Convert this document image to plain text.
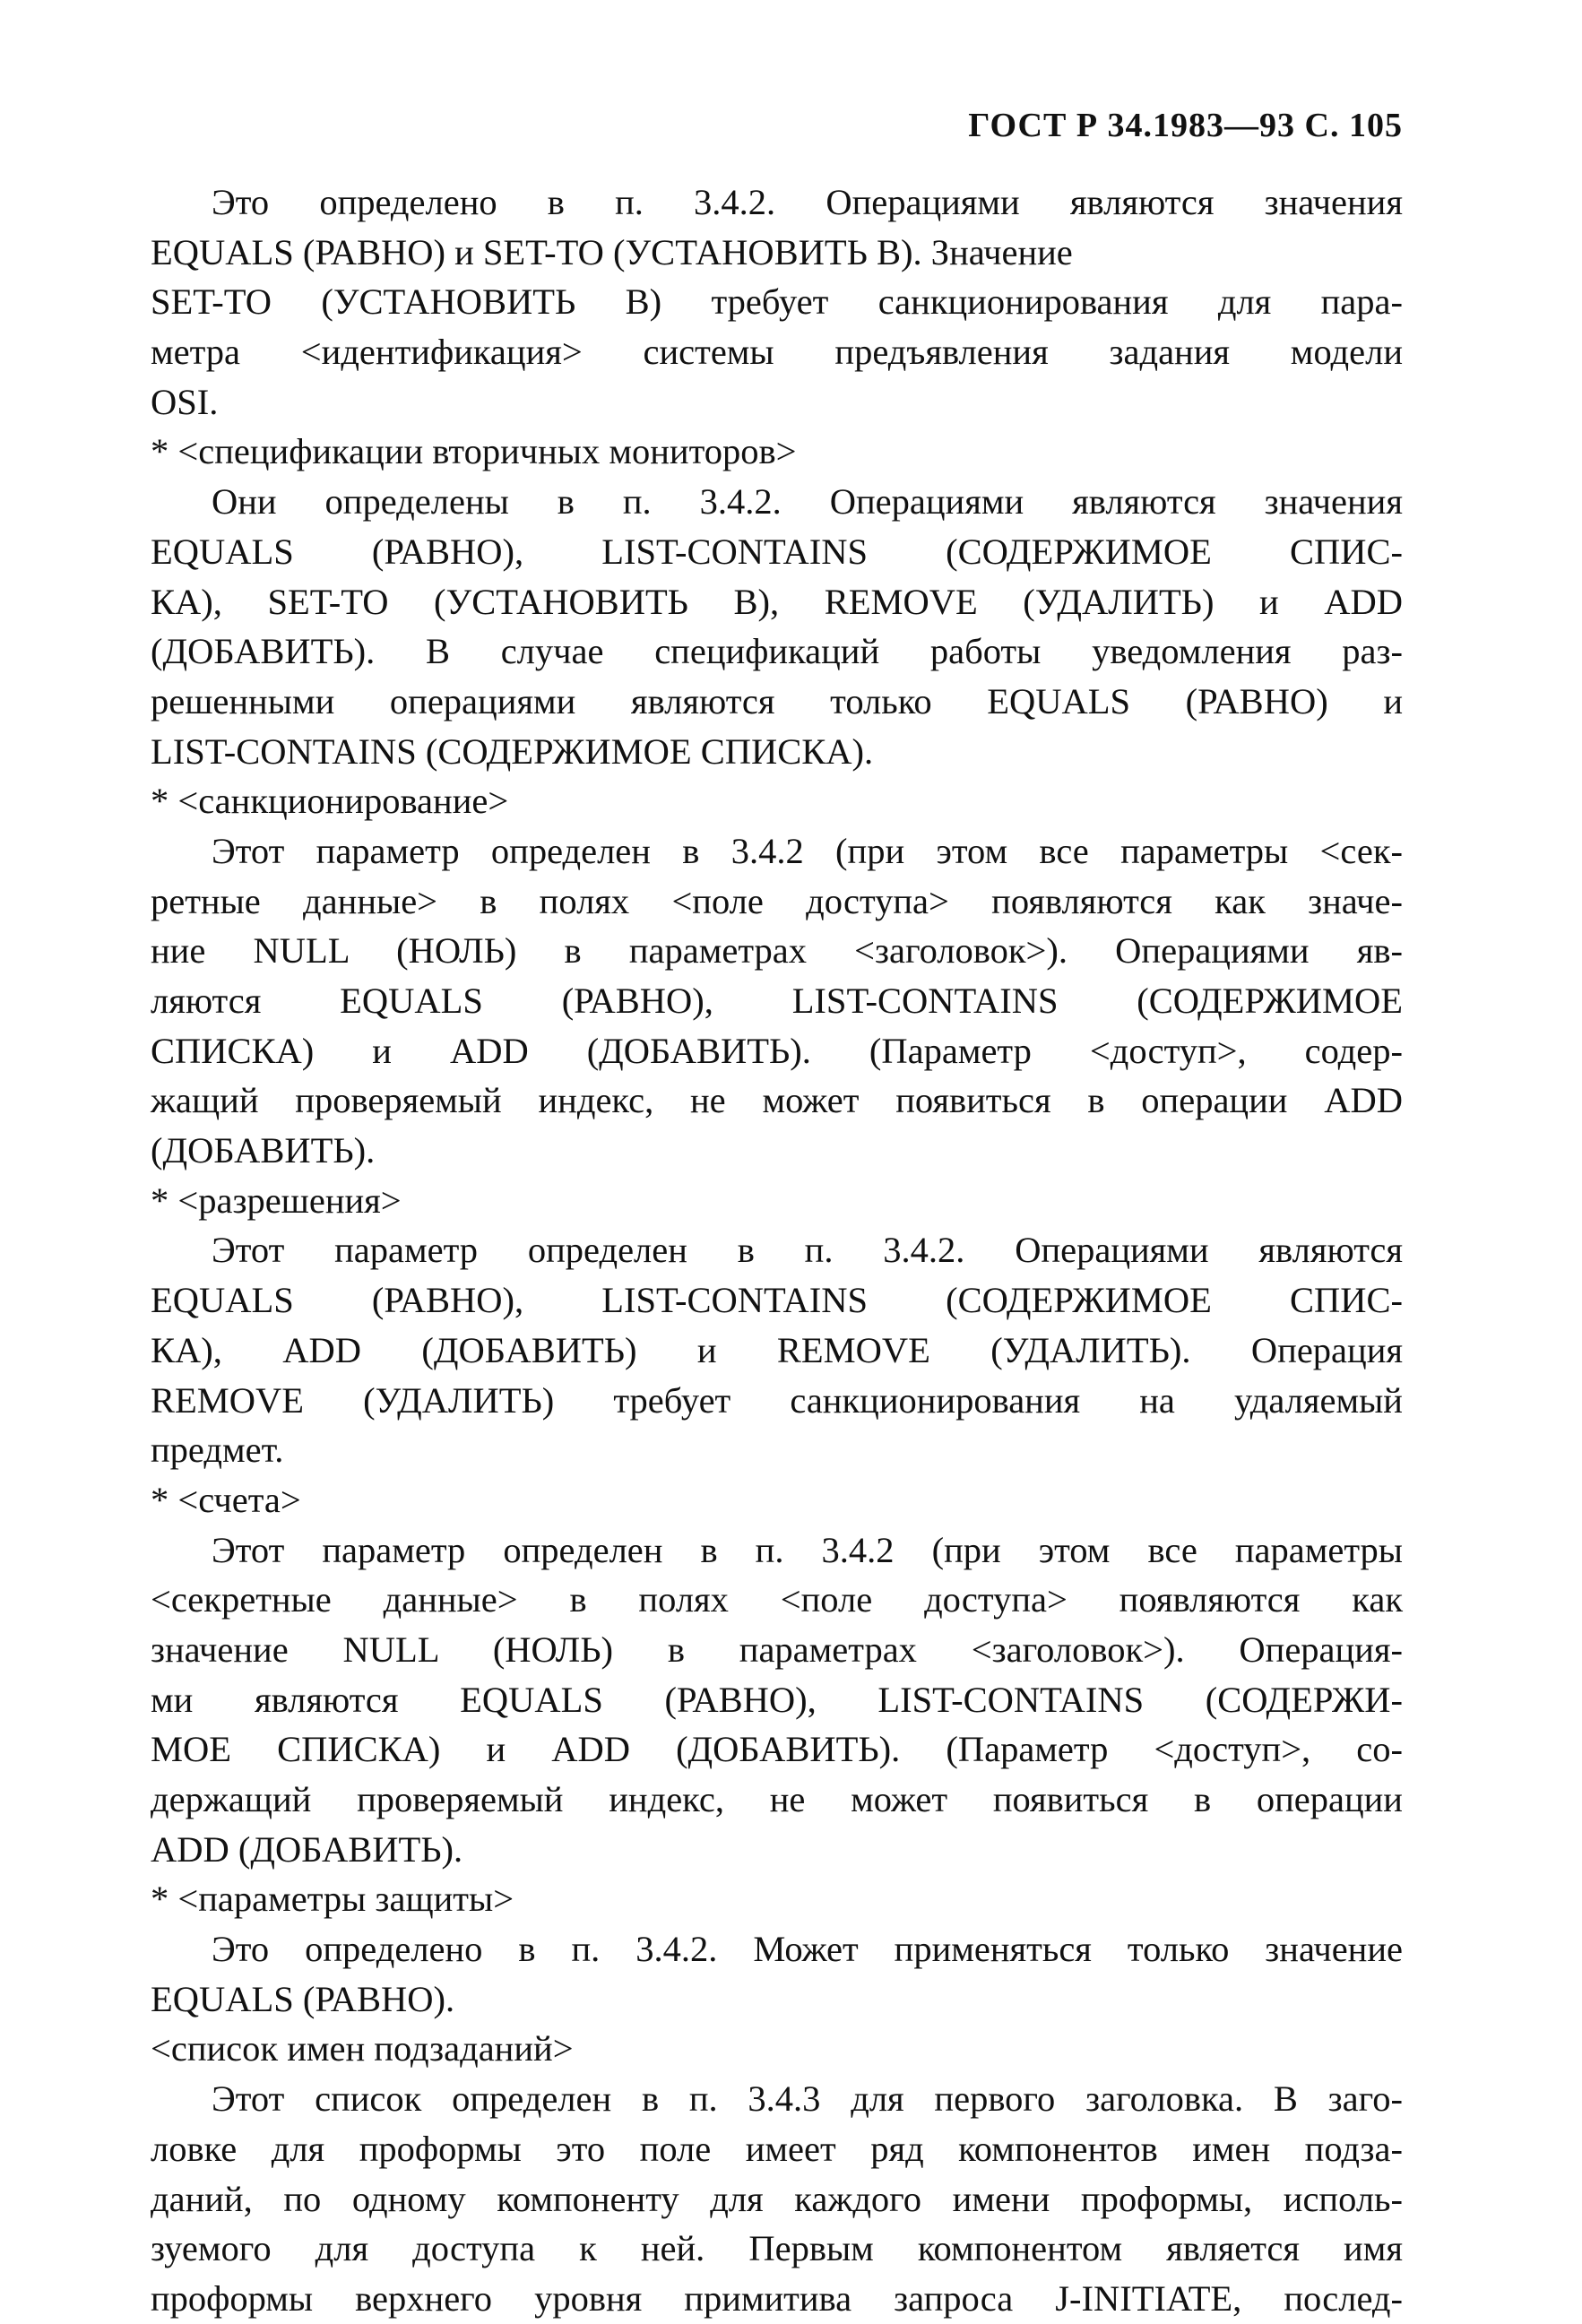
ГОСТ Р 34.1983—93 С. 105
Это определено в п. 3.4.2. Операциями являются значения
EQUALS (РАВНО) и SET-TO (УСТАНОВИТЬ В). Значение
SET-TO (УСТАНОВИТЬ В) требует санкционирования для пара-
метра <идентификация> системы предъявления задания модели
OSI.
* <спецификации вторичных мониторов>
Они определены в п. 3.4.2. Операциями являются значения
EQUALS (РАВНО), LIST-CONTAINS (СОДЕРЖИМОЕ СПИС-
КА), SET-TO (УСТАНОВИТЬ В), REMOVE (УДАЛИТЬ) и ADD
(ДОБАВИТЬ). В случае спецификаций работы уведомления раз-
решенными операциями являются только EQUALS (РАВНО) и
LIST-CONTAINS (СОДЕРЖИМОЕ СПИСКА).
* <санкционирование>
Этот параметр определен в 3.4.2 (при этом все параметры <сек-
ретные данные> в полях <поле доступа> появляются как значе-
ние NULL (НОЛЬ) в параметрах <заголовок>). Операциями яв-
ляются EQUALS (РАВНО), LIST-CONTAINS (СОДЕРЖИМОЕ
СПИСКА) и ADD (ДОБАВИТЬ). (Параметр <доступ>, содер-
жащий проверяемый индекс, не может появиться в операции ADD
(ДОБАВИТЬ).
* <разрешения>
Этот параметр определен в п. 3.4.2. Операциями являются
EQUALS (РАВНО), LIST-CONTAINS (СОДЕРЖИМОЕ СПИС-
КА), ADD (ДОБАВИТЬ) и REMOVE (УДАЛИТЬ). Операция
REMOVE (УДАЛИТЬ) требует санкционирования на удаляемый
предмет.
* <счета>
Этот параметр определен в п. 3.4.2 (при этом все параметры
<секретные данные> в полях <поле доступа> появляются как
значение NULL (НОЛЬ) в параметрах <заголовок>). Операция-
ми являются EQUALS (РАВНО), LIST-CONTAINS (СОДЕРЖИ-
МОЕ СПИСКА) и ADD (ДОБАВИТЬ). (Параметр <доступ>, со-
держащий проверяемый индекс, не может появиться в операции
ADD (ДОБАВИТЬ).
* <параметры защиты>
Это определено в п. 3.4.2. Может применяться только значение
EQUALS (РАВНО).
<список имен подзаданий>
Этот список определен в п. 3.4.3 для первого заголовка. В заго-
ловке для проформы это поле имеет ряд компонентов имен подза-
даний, по одному компоненту для каждого имени проформы, исполь-
зуемого для доступа к ней. Первым компонентом является имя
проформы верхнего уровня примитива запроса J-INITIATE, послед-
